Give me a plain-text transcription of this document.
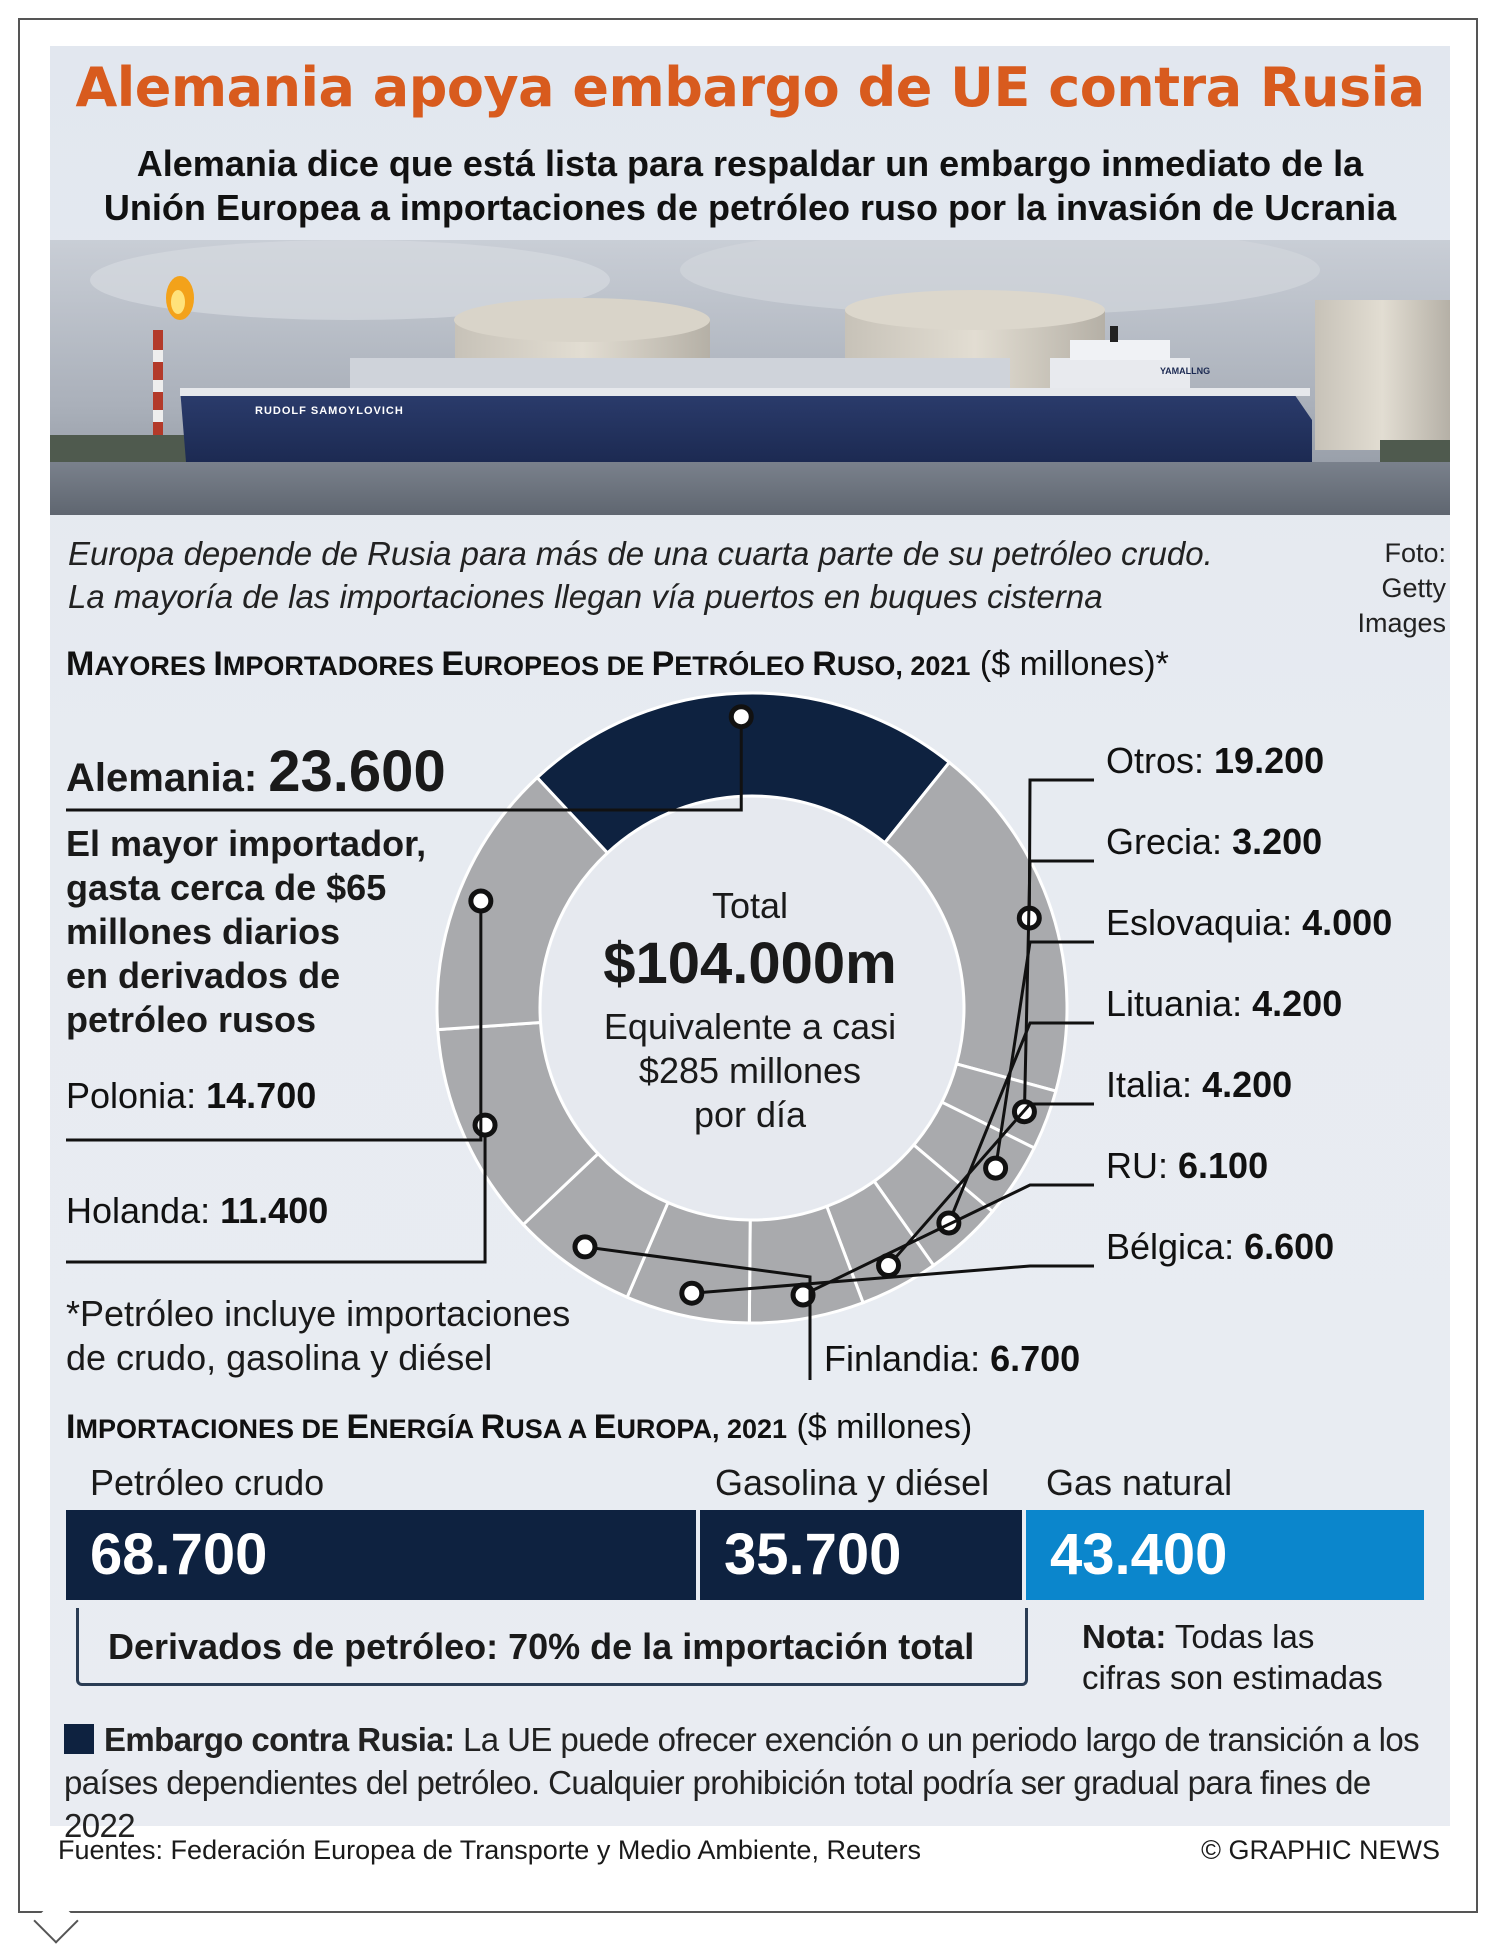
Alemania apoya embargo de UE contra Rusia
Alemania dice que está lista para respaldar un embargo inmediato de la
Unión Europea a importaciones de petróleo ruso por la invasión de Ucrania
RUDOLF SAMOYLOVICH
YAMALLNG
Europa depende de Rusia para más de una cuarta parte de su petróleo crudo.
La mayoría de las importaciones llegan vía puertos en buques cisterna
Foto: Getty Images
MAYORES IMPORTADORES EUROPEOS DE PETRÓLEO RUSO, 2021 ($ millones)*
Alemania: 23.600
El mayor importador,
gasta cerca de $65
millones diarios
en derivados de
petróleo rusos
Polonia: 14.700
Holanda: 11.400
Otros: 19.200
Grecia: 3.200
Eslovaquia: 4.000
Lituania: 4.200
Italia: 4.200
RU: 6.100
Bélgica: 6.600
Finlandia: 6.700
Total
$104.000m
Equivalente a casi
$285 millones
por día
*Petróleo incluye importaciones
de crudo, gasolina y diésel
IMPORTACIONES DE ENERGÍA RUSA A EUROPA, 2021 ($ millones)
Petróleo crudo	Gasolina y diésel Gas natural
68.700	35.700	43.400
Derivados de petróleo: 70% de la importación total	Nota: Todas las
cifras son estimadas
Embargo contra Rusia: La UE puede ofrecer exención o un periodo largo de transición a los países dependientes del petróleo. Cualquier prohibición total podría ser gradual para fines de 2022
Fuentes: Federación Europea de Transporte y Medio Ambiente, Reuters	© GRAPHIC NEWS
